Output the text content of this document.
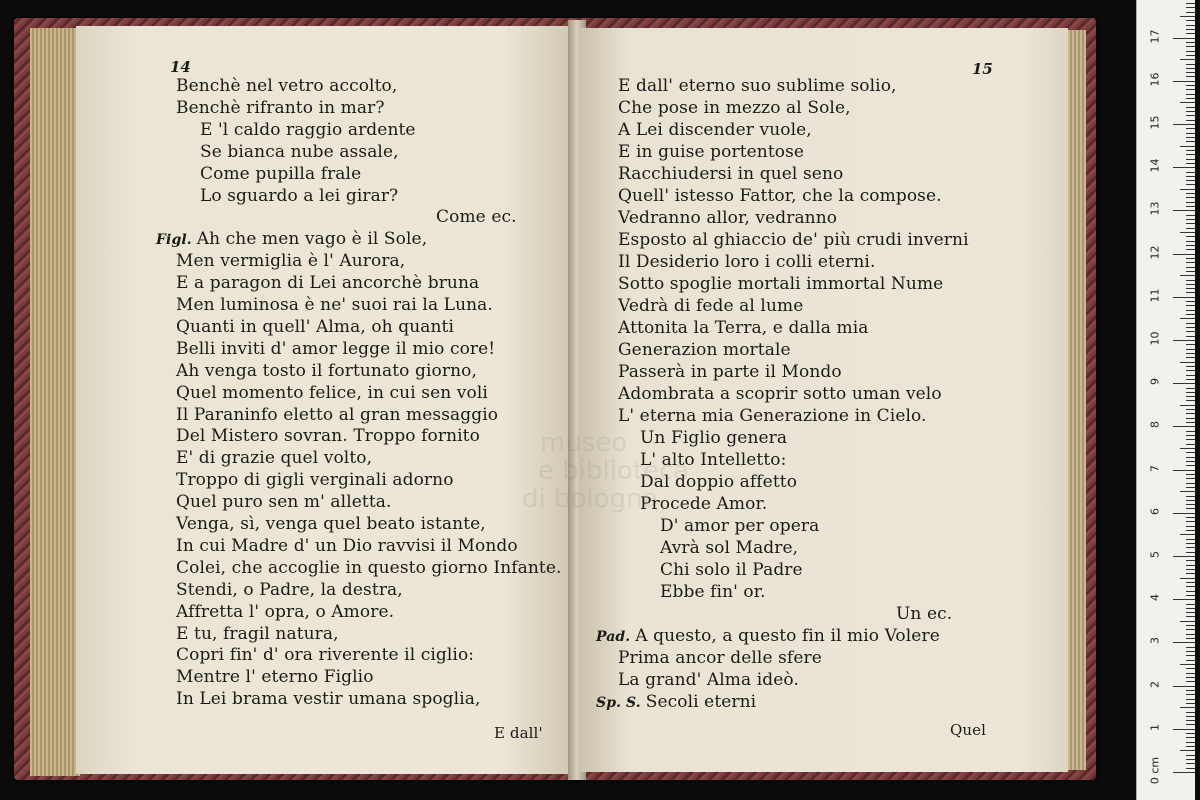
14
Benchè nel vetro accolto,
Benchè rifranto in mar?
E 'l caldo raggio ardente
Se bianca nube assale,
Come pupilla frale
Lo sguardo a lei girar?
Come ec.
Figl. Ah che men vago è il Sole,
Men vermiglia è l' Aurora,
E a paragon di Lei ancorchè bruna
Men luminosa è ne' suoi rai la Luna.
Quanti in quell' Alma, oh quanti
Belli inviti d' amor legge il mio core!
Ah venga tosto il fortunato giorno,
Quel momento felice, in cui sen voli
Il Paraninfo eletto al gran messaggio
Del Mistero sovran. Troppo fornito
E' di grazie quel volto,
Troppo di gigli verginali adorno
Quel puro sen m' alletta.
Venga, sì, venga quel beato istante,
In cui Madre d' un Dio ravvisi il Mondo
Colei, che accoglie in questo giorno Infante.
Stendi, o Padre, la destra,
Affretta l' opra, o Amore.
E tu, fragil natura,
Copri fin' d' ora riverente il ciglio:
Mentre l' eterno Figlio
In Lei brama vestir umana spoglia,
E dall'
museo
e biblioteca
di bologna
15
E dall' eterno suo sublime solio,
Che pose in mezzo al Sole,
A Lei discender vuole,
E in guise portentose
Racchiudersi in quel seno
Quell' istesso Fattor, che la compose.
Vedranno allor, vedranno
Esposto al ghiaccio de' più crudi inverni
Il Desiderio loro i colli eterni.
Sotto spoglie mortali immortal Nume
Vedrà di fede al lume
Attonita la Terra, e dalla mia
Generazion mortale
Passerà in parte il Mondo
Adombrata a scoprir sotto uman velo
L' eterna mia Generazione in Cielo.
Un Figlio genera
L' alto Intelletto:
Dal doppio affetto
Procede Amor.
D' amor per opera
Avrà sol Madre,
Chi solo il Padre
Ebbe fin' or.
Un ec.
Pad. A questo, a questo fin il mio Volere
Prima ancor delle sfere
La grand' Alma ideò.
Sp. S. Secoli eterni
Quel
0 cm
1
2
3
4
5
6
7
8
9
10
11
12
13
14
15
16
17
